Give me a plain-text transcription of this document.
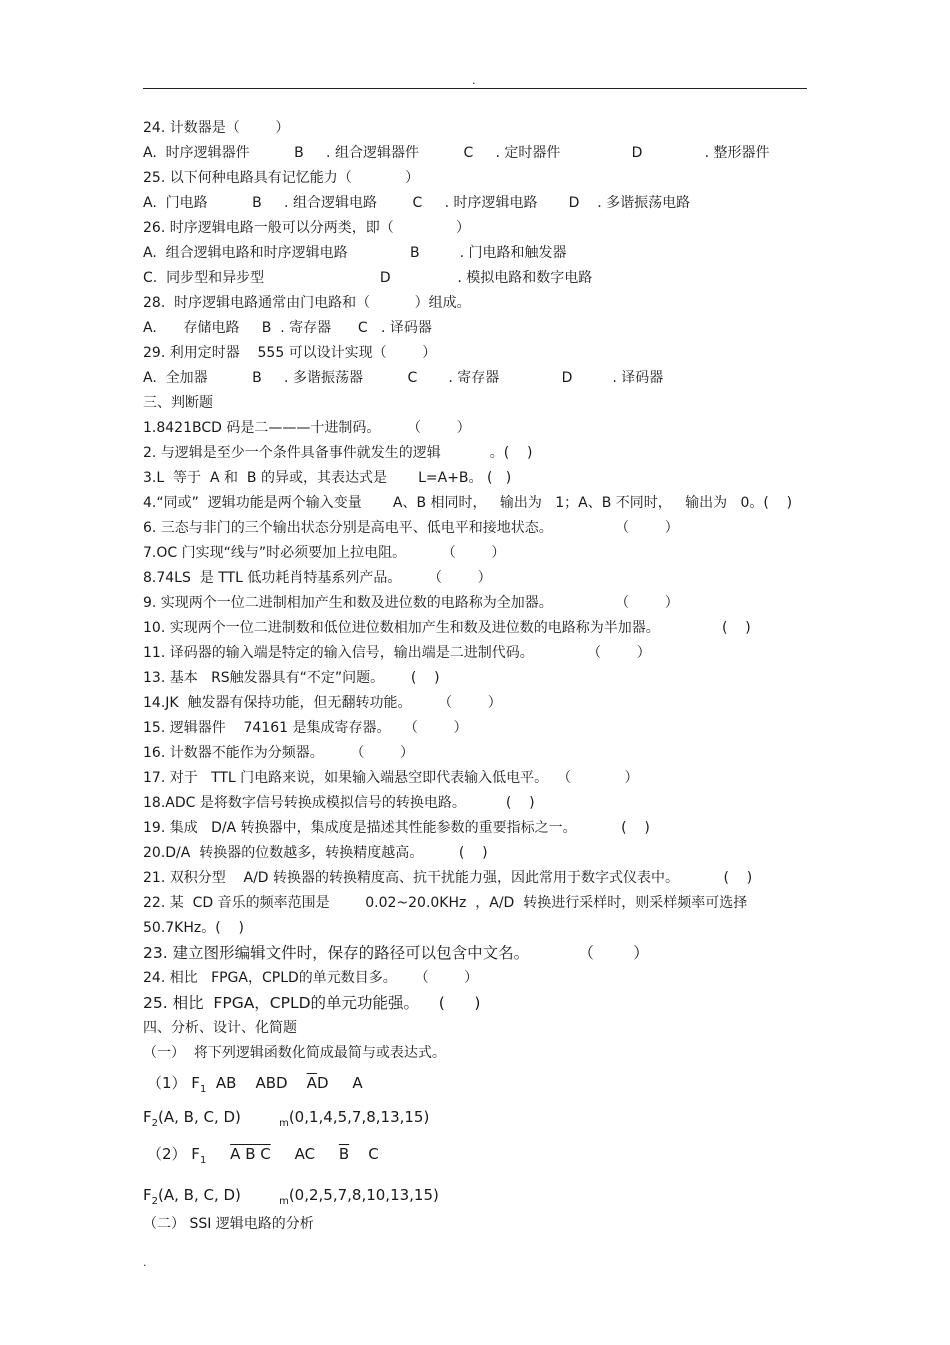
.
24. 计数器是（        ）
A.  时序逻辑器件          B     . 组合逻辑器件          C     . 定时器件                D              . 整形器件
25. 以下何种电路具有记忆能力（            ）
A.  门电路          B     . 组合逻辑电路        C     . 时序逻辑电路       D    . 多谐振荡电路
26. 时序逻辑电路一般可以分两类，即（              ）
A.  组合逻辑电路和时序逻辑电路              B         . 门电路和触发器
C.  同步型和异步型                          D               . 模拟电路和数字电路
28.  时序逻辑电路通常由门电路和（          ）组成。
A.      存储电路     B  . 寄存器      C   . 译码器
29. 利用定时器    555 可以设计实现（        ）
A.  全加器          B     . 多谐振荡器          C       . 寄存器              D         . 译码器
三、判断题
1.8421BCD 码是二———十进制码。      （        ）
2. 与逻辑是至少一个条件具备事件就发生的逻辑           。(    )
3.L  等于  A 和  B 的异或，其表达式是       L=A+B。 (   )
4.“同或”  逻辑功能是两个输入变量       A、B 相同时，   输出为   1；A、B 不同时，   输出为   0。(    )
6. 三态与非门的三个输出状态分别是高电平、低电平和接地状态。              （        ）
7.OC 门实现“线与”时必须要加上拉电阻。        （        ）
8.74LS  是 TTL 低功耗肖特基系列产品。      （        ）
9. 实现两个一位二进制相加产生和数及进位数的电路称为全加器。              （        ）
10. 实现两个一位二进制数和低位进位数相加产生和数及进位数的电路称为半加器。              (    )
11. 译码器的输入端是特定的输入信号，输出端是二进制代码。            （        ）
13. 基本   RS触发器具有“不定”问题。      (    )
14.JK  触发器有保持功能，但无翻转功能。      （        ）
15. 逻辑器件    74161 是集成寄存器。   （        ）
16. 计数器不能作为分频器。      （        ）
17. 对于   TTL 门电路来说，如果输入端悬空即代表输入低电平。  （            ）
18.ADC 是将数字信号转换成模拟信号的转换电路。         (    )
19. 集成   D/A 转换器中，集成度是描述其性能参数的重要指标之一。          (    )
20.D/A  转换器的位数越多，转换精度越高。        (    )
21. 双积分型    A/D 转换器的转换精度高、抗干扰能力强，因此常用于数字式仪表中。          (    )
22. 某  CD 音乐的频率范围是        0.02~20.0KHz  ，A/D  转换进行采样时，则采样频率可选择
50.7KHz。(    )
23. 建立图形编辑文件时，保存的路径可以包含中文名。          （        ）
24. 相比   FPGA，CPLD的单元数目多。    （        ）
25. 相比  FPGA，CPLD的单元功能强。    (      )
四、分析、设计、化简题
（一）  将下列逻辑函数化简成最简与或表达式。
（1） $F_1$  AB    ABD    $\overline{A}D$     A
$F_2(A$, B, C, D)        $_m$(0,1,4,5,7,8,13,15)
（2） $F_1$ A B C     AC     $\overline{B}$    C
$F_2(A$, B, C, D)        $_m$(0,2,5,7,8,10,13,15)
（二） SSI 逻辑电路的分析
.
